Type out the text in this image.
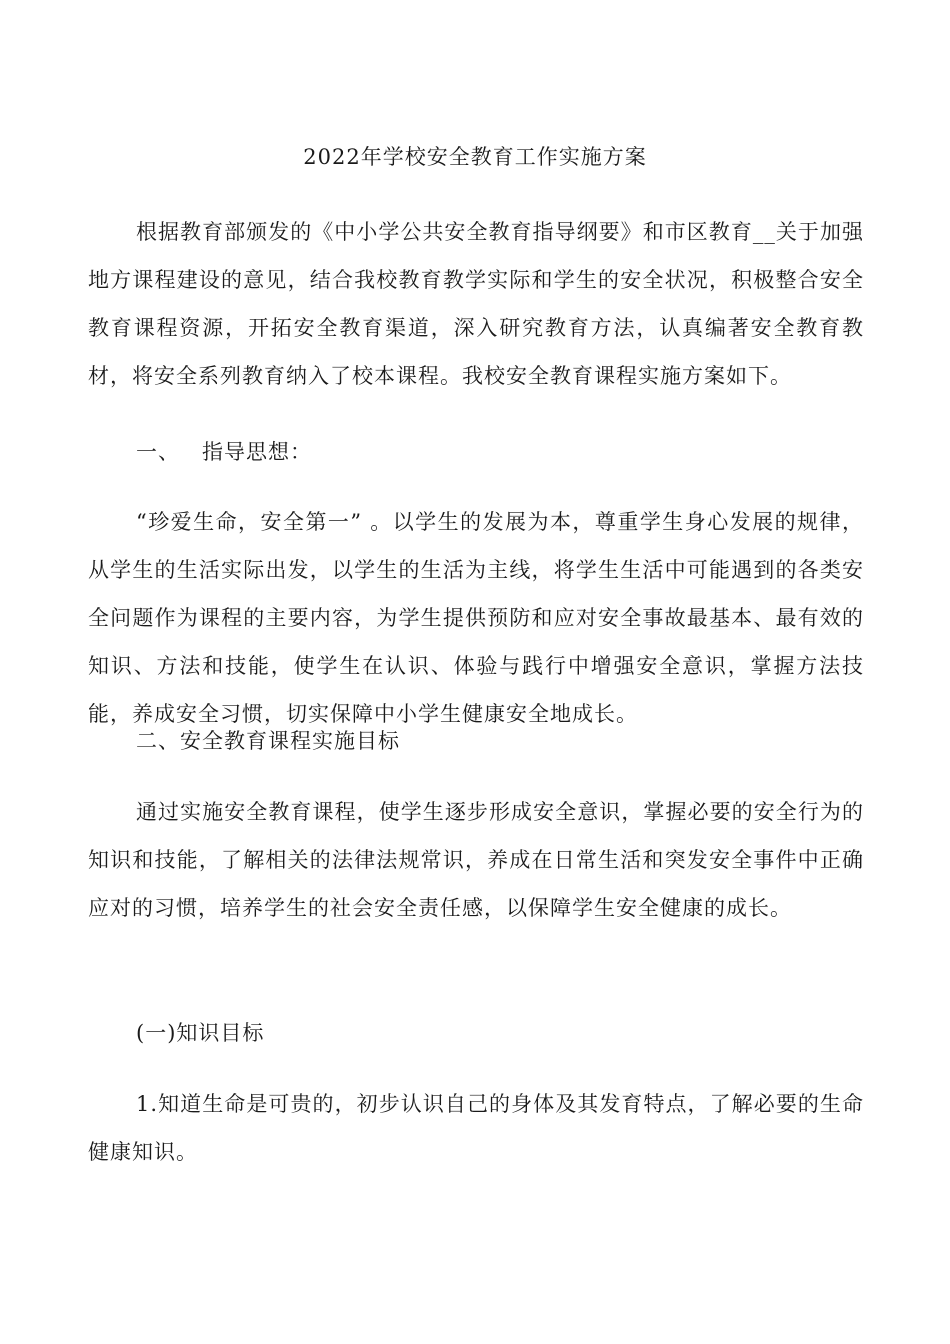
2022年学校安全教育工作实施方案

根据教育部颁发的《中小学公共安全教育指导纲要》和市区教育__关于加强地方课程建设的意见，结合我校教育教学实际和学生的安全状况，积极整合安全教育课程资源，开拓安全教育渠道，深入研究教育方法，认真编著安全教育教材，将安全系列教育纳入了校本课程。我校安全教育课程实施方案如下。

一、 指导思想：

“珍爱生命，安全第一” 。以学生的发展为本，尊重学生身心发展的规律，从学生的生活实际出发，以学生的生活为主线，将学生生活中可能遇到的各类安全问题作为课程的主要内容，为学生提供预防和应对安全事故最基本、最有效的知识、方法和技能，使学生在认识、体验与践行中增强安全意识，掌握方法技能，养成安全习惯，切实保障中小学生健康安全地成长。

二、安全教育课程实施目标

通过实施安全教育课程，使学生逐步形成安全意识，掌握必要的安全行为的知识和技能，了解相关的法律法规常识，养成在日常生活和突发安全事件中正确应对的习惯，培养学生的社会安全责任感，以保障学生安全健康的成长。

(一)知识目标

1.知道生命是可贵的，初步认识自己的身体及其发育特点，了解必要的生命健康知识。
